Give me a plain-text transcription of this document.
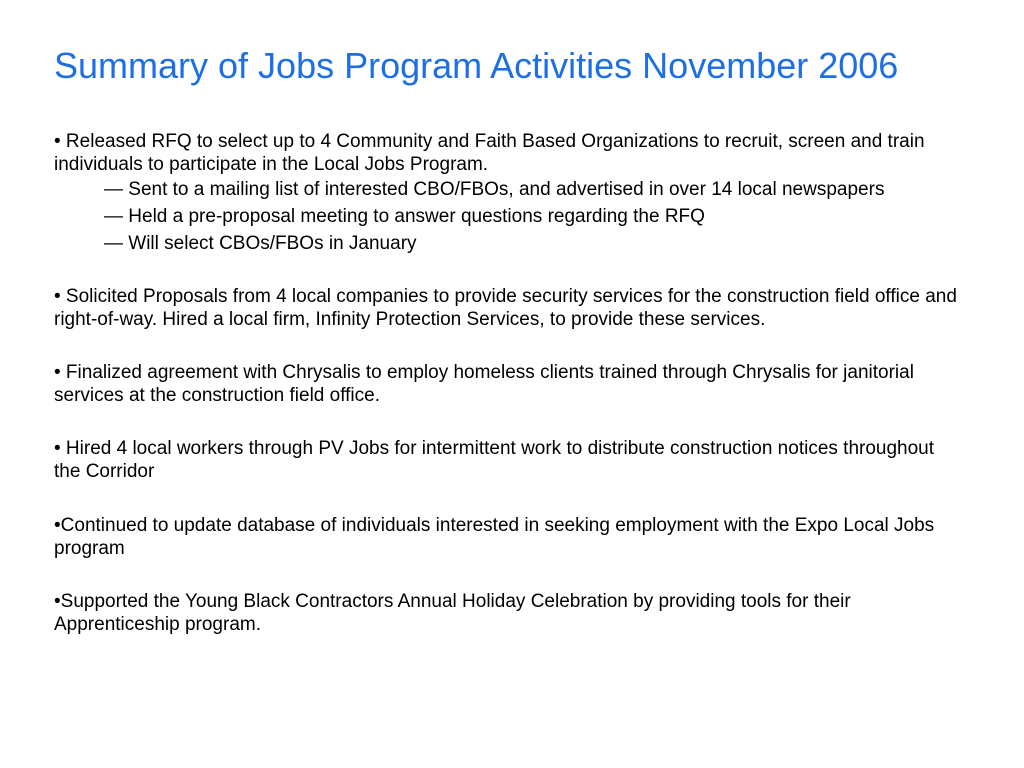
Summary of Jobs Program Activities November 2006

• Released RFQ to select up to 4 Community and Faith Based Organizations to recruit, screen and train individuals to participate in the Local Jobs Program.

— Sent to a mailing list of interested CBO/FBOs, and advertised in over 14 local newspapers
— Held a pre-proposal meeting to answer questions regarding the RFQ
— Will select CBOs/FBOs in January

• Solicited Proposals from 4 local companies to provide security services for the construction field office and right-of-way. Hired a local firm, Infinity Protection Services, to provide these services.

• Finalized agreement with Chrysalis to employ homeless clients trained through Chrysalis for janitorial services at the construction field office.

• Hired 4 local workers through PV Jobs for intermittent work to distribute construction notices throughout the Corridor

•Continued to update database of individuals interested in seeking employment with the Expo Local Jobs program

•Supported the Young Black Contractors Annual Holiday Celebration by providing tools for their Apprenticeship program.
